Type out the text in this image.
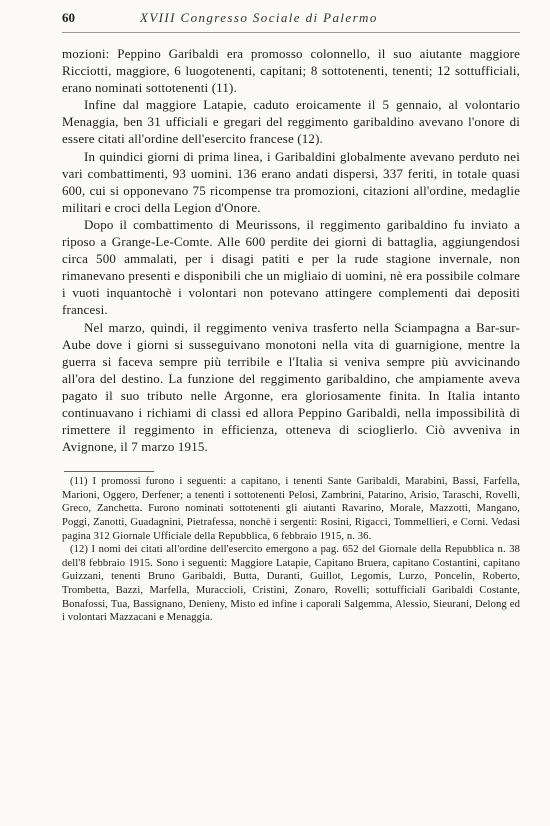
60	XVIII Congresso Sociale di Palermo

mozioni: Peppino Garibaldi era promosso colonnello, il suo aiutante maggiore Ricciotti, maggiore, 6 luogotenenti, capitani; 8 sottotenenti, tenenti; 12 sottufficiali, erano nominati sottotenenti (11).

Infine dal maggiore Latapie, caduto eroicamente il 5 gennaio, al volontario Menaggia, ben 31 ufficiali e gregari del reggimento garibaldino avevano l'onore di essere citati all'ordine dell'esercito francese (12).

In quindici giorni di prima linea, i Garibaldini globalmente avevano perduto nei vari combattimenti, 93 uomini. 136 erano andati dispersi, 337 feriti, in totale quasi 600, cui si opponevano 75 ricompense tra promozioni, citazioni all'ordine, medaglie militari e croci della Legion d'Onore.

Dopo il combattimento di Meurissons, il reggimento garibaldino fu inviato a riposo a Grange-Le-Comte. Alle 600 perdite dei giorni di battaglia, aggiungendosi circa 500 ammalati, per i disagi patiti e per la rude stagione invernale, non rimanevano presenti e disponibili che un migliaio di uomini, nè era possibile colmare i vuoti inquantochè i volontari non potevano attingere complementi dai depositi francesi.

Nel marzo, quindi, il reggimento veniva trasferto nella Sciampagna a Bar-sur-Aube dove i giorni si susseguivano monotoni nella vita di guarnigione, mentre la guerra si faceva sempre più terribile e l'Italia si veniva sempre più avvicinando all'ora del destino. La funzione del reggimento garibaldino, che ampiamente aveva pagato il suo tributo nelle Argonne, era gloriosamente finita. In Italia intanto continuavano i richiami di classi ed allora Peppino Garibaldi, nella impossibilità di rimettere il reggimento in efficienza, otteneva di scioglierlo. Ciò avveniva in Avignone, il 7 marzo 1915.

(11) I promossi furono i seguenti: a capitano, i tenenti Sante Garibaldi, Marabini, Bassi, Farfella, Marioni, Oggero, Derfener; a tenenti i sottotenenti Pelosi, Zambrini, Patarino, Arisio, Taraschi, Rovelli, Greco, Zanchetta. Furono nominati sottotenenti gli aiutanti Ravarino, Morale, Mazzotti, Mangano, Poggi, Zanotti, Guadagnini, Pietrafessa, nonchè i sergenti: Rosini, Rigacci, Tommellieri, e Corni. Vedasi pagina 312 Giornale Ufficiale della Repubblica, 6 febbraio 1915, n. 36.

(12) I nomi dei citati all'ordine dell'esercito emergono a pag. 652 del Giornale della Repubblica n. 38 dell'8 febbraio 1915. Sono i seguenti: Maggiore Latapie, Capitano Bruera, capitano Costantini, capitano Guizzani, tenenti Bruno Garibaldi, Butta, Duranti, Guillot, Legomis, Lurzo, Poncelin, Roberto, Trombetta, Bazzi, Marfella, Muraccioli, Cristini, Zonaro, Rovelli; sottufficiali Garibaldi Costante, Bonafossi, Tua, Bassignano, Denieny, Misto ed infine i caporali Salgemma, Alessio, Sieurani, Delong ed i volontari Mazzacani e Menaggia.
